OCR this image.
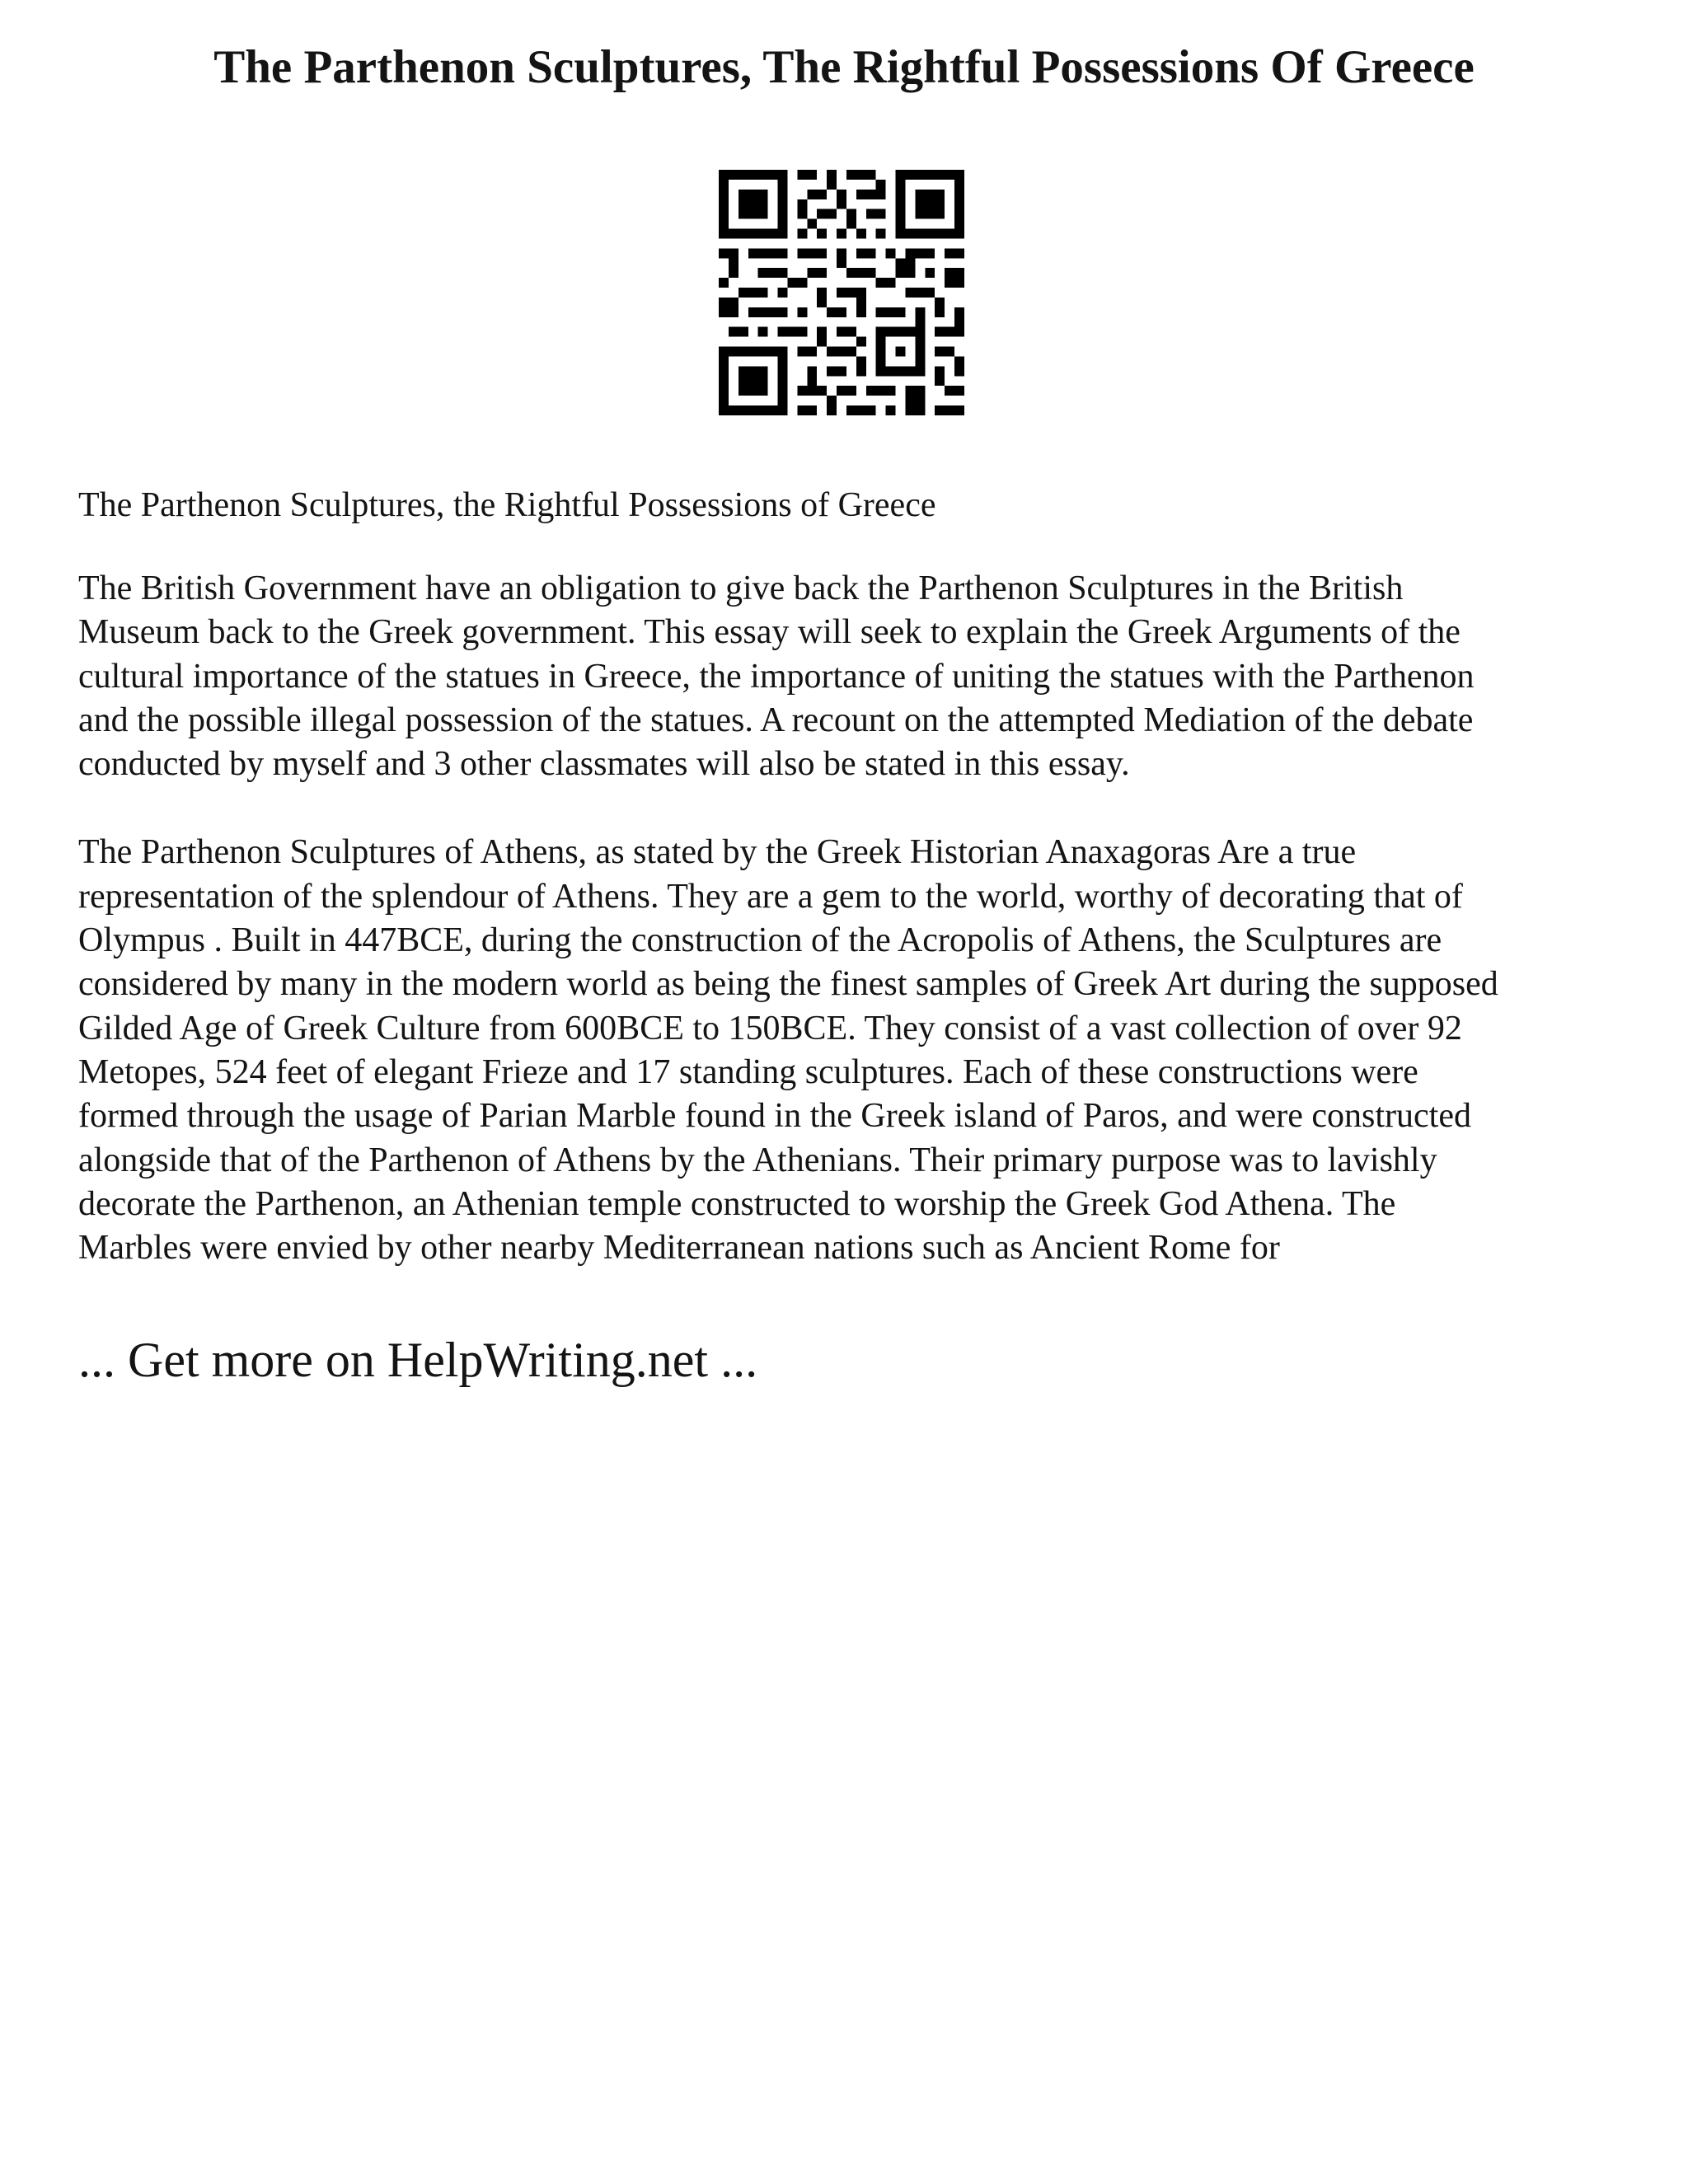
The Parthenon Sculptures, The Rightful Possessions Of Greece

The Parthenon Sculptures, the Rightful Possessions of Greece

The British Government have an obligation to give back the Parthenon Sculptures in the British
Museum back to the Greek government. This essay will seek to explain the Greek Arguments of the
cultural importance of the statues in Greece, the importance of uniting the statues with the Parthenon
and the possible illegal possession of the statues. A recount on the attempted Mediation of the debate
conducted by myself and 3 other classmates will also be stated in this essay.

The Parthenon Sculptures of Athens, as stated by the Greek Historian Anaxagoras Are a true
representation of the splendour of Athens. They are a gem to the world, worthy of decorating that of
Olympus . Built in 447BCE, during the construction of the Acropolis of Athens, the Sculptures are
considered by many in the modern world as being the finest samples of Greek Art during the supposed
Gilded Age of Greek Culture from 600BCE to 150BCE. They consist of a vast collection of over 92
Metopes, 524 feet of elegant Frieze and 17 standing sculptures. Each of these constructions were
formed through the usage of Parian Marble found in the Greek island of Paros, and were constructed
alongside that of the Parthenon of Athens by the Athenians. Their primary purpose was to lavishly
decorate the Parthenon, an Athenian temple constructed to worship the Greek God Athena. The
Marbles were envied by other nearby Mediterranean nations such as Ancient Rome for

... Get more on HelpWriting.net ...
